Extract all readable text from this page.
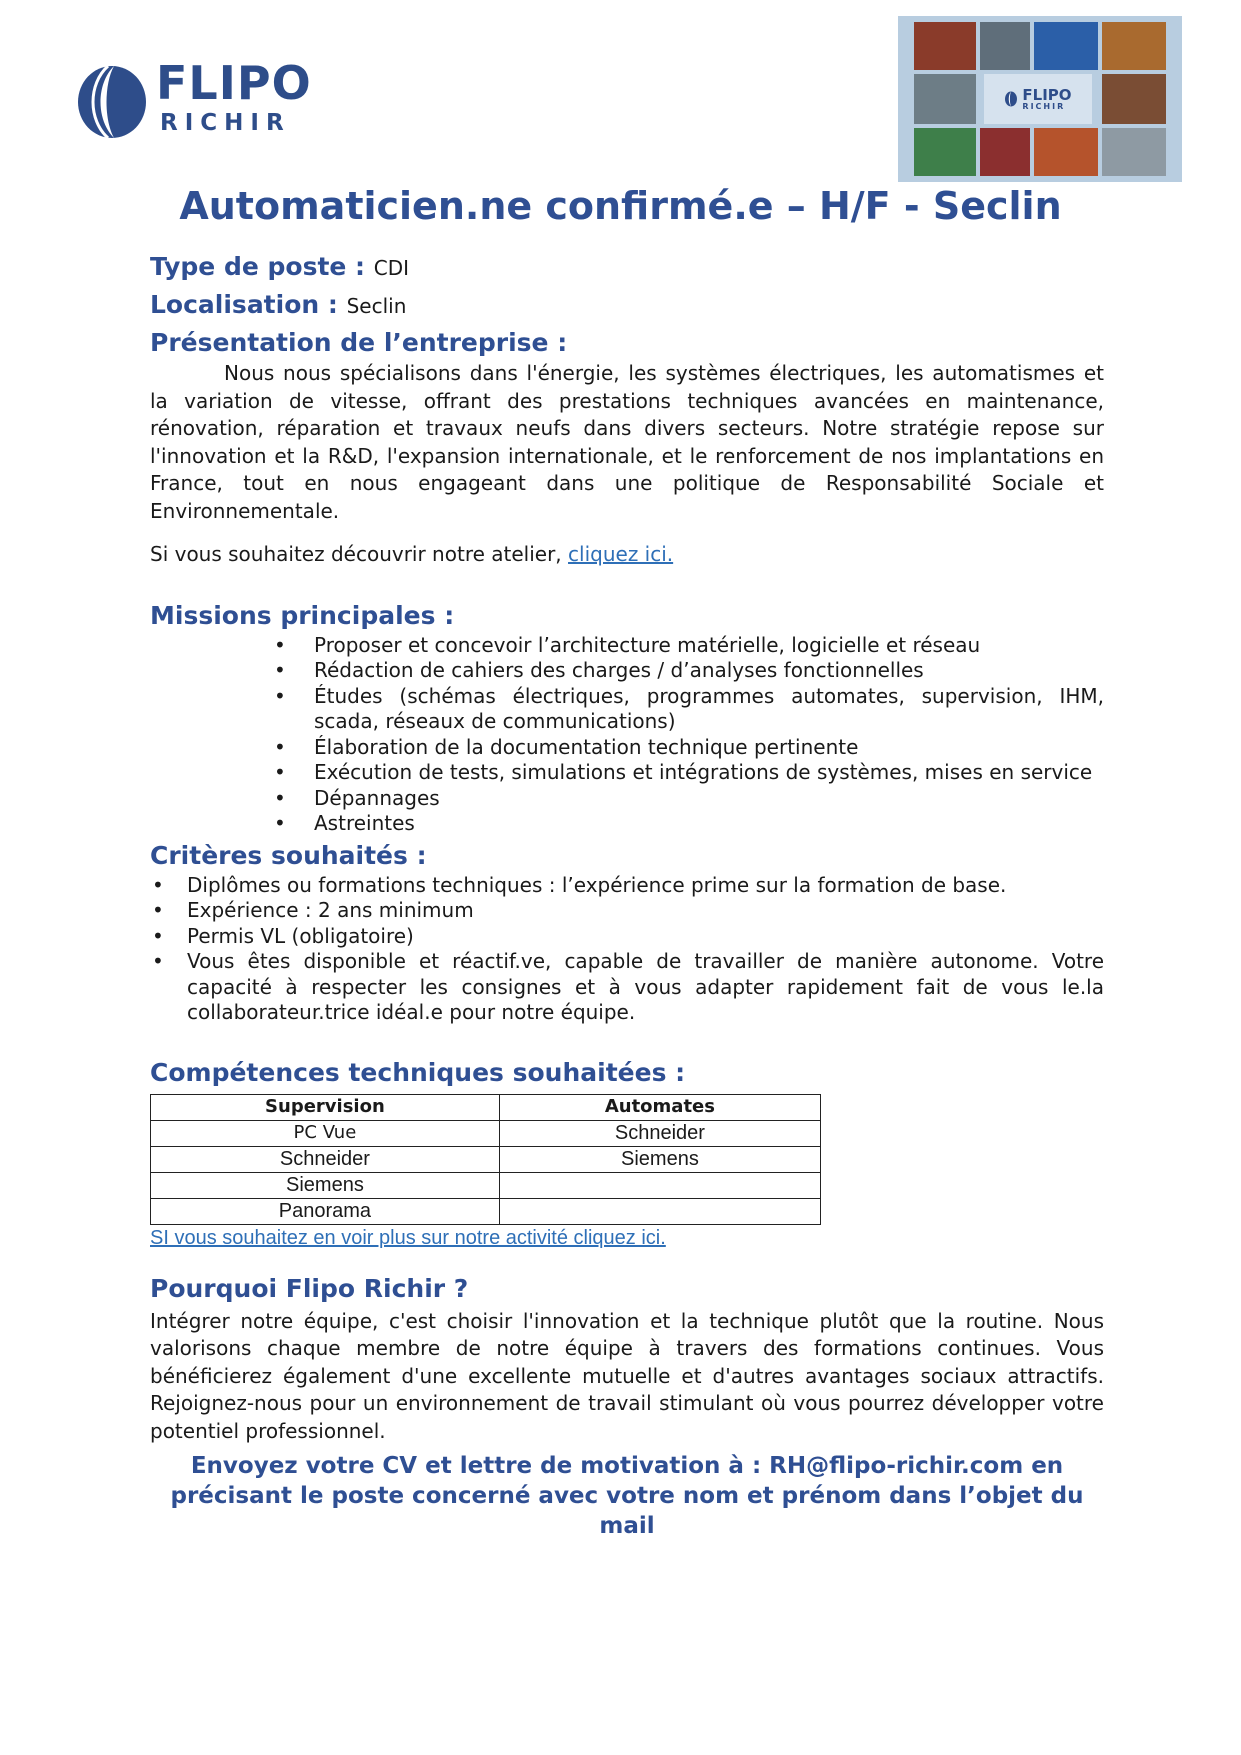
FLIPO
RICHIR
FLIPO
RICHIR
Automaticien.ne confirmé.e – H/F - Seclin

Type de poste : CDI

Localisation : Seclin

Présentation de l’entreprise :

Nous nous spécialisons dans l'énergie, les systèmes électriques, les automatismes et la variation de vitesse, offrant des prestations techniques avancées en maintenance, rénovation, réparation et travaux neufs dans divers secteurs. Notre stratégie repose sur l'innovation et la R&D, l'expansion internationale, et le renforcement de nos implantations en France, tout en nous engageant dans une politique de Responsabilité Sociale et Environnementale.

Si vous souhaitez découvrir notre atelier, cliquez ici.

Missions principales :

• Proposer et concevoir l’architecture matérielle, logicielle et réseau
• Rédaction de cahiers des charges / d’analyses fonctionnelles
• Études (schémas électriques, programmes automates, supervision, IHM, scada, réseaux de communications)
• Élaboration de la documentation technique pertinente
• Exécution de tests, simulations et intégrations de systèmes, mises en service
• Dépannages
• Astreintes

Critères souhaités :

• Diplômes ou formations techniques : l’expérience prime sur la formation de base.
• Expérience : 2 ans minimum
• Permis VL (obligatoire)
• Vous êtes disponible et réactif.ve, capable de travailler de manière autonome. Votre capacité à respecter les consignes et à vous adapter rapidement fait de vous le.la collaborateur.trice idéal.e pour notre équipe.

Compétences techniques souhaitées :

Supervision	Automates
PC Vue	Schneider
Schneider	Siemens
Siemens	
Panorama	
SI vous souhaitez en voir plus sur notre activité cliquez ici.

Pourquoi Flipo Richir ?

Intégrer notre équipe, c'est choisir l'innovation et la technique plutôt que la routine. Nous valorisons chaque membre de notre équipe à travers des formations continues. Vous bénéficierez également d'une excellente mutuelle et d'autres avantages sociaux attractifs. Rejoignez-nous pour un environnement de travail stimulant où vous pourrez développer votre potentiel professionnel.

Envoyez votre CV et lettre de motivation à : RH@flipo-richir.com en précisant le poste concerné avec votre nom et prénom dans l’objet du mail
